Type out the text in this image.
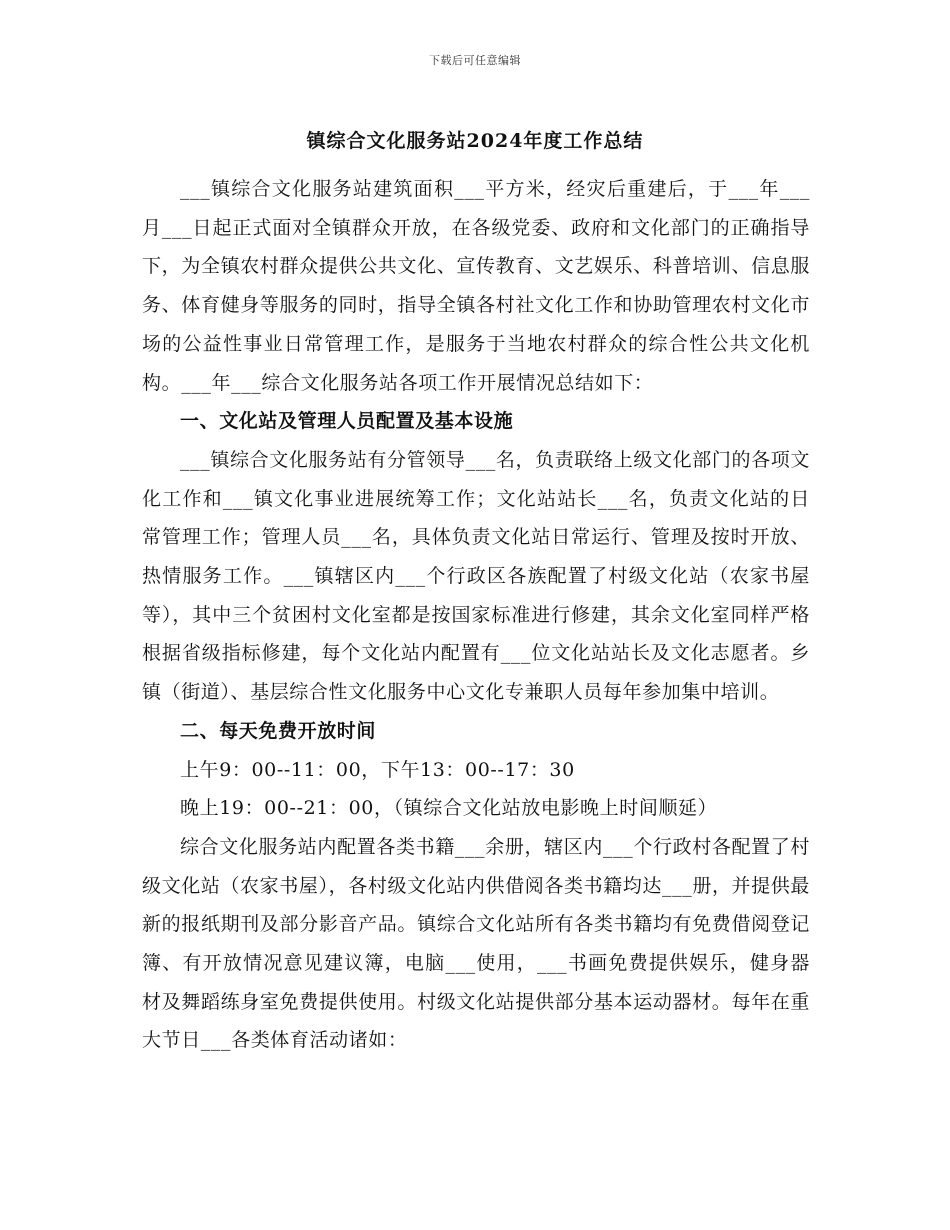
下载后可任意编辑
镇综合文化服务站2024年度工作总结

___镇综合文化服务站建筑面积___平方米，经灾后重建后，于___年___月___日起正式面对全镇群众开放，在各级党委、政府和文化部门的正确指导下，为全镇农村群众提供公共文化、宣传教育、文艺娱乐、科普培训、信息服务、体育健身等服务的同时，指导全镇各村社文化工作和协助管理农村文化市场的公益性事业日常管理工作，是服务于当地农村群众的综合性公共文化机构。___年___综合文化服务站各项工作开展情况总结如下：

一、文化站及管理人员配置及基本设施

___镇综合文化服务站有分管领导___名，负责联络上级文化部门的各项文化工作和___镇文化事业进展统筹工作；文化站站长___名，负责文化站的日常管理工作；管理人员___名，具体负责文化站日常运行、管理及按时开放、热情服务工作。___镇辖区内___个行政区各族配置了村级文化站（农家书屋等），其中三个贫困村文化室都是按国家标准进行修建，其余文化室同样严格根据省级指标修建，每个文化站内配置有___位文化站站长及文化志愿者。乡镇（街道）、基层综合性文化服务中心文化专兼职人员每年参加集中培训。

二、每天免费开放时间

上午9：00--11：00，下午13：00--17：30

晚上19：00--21：00，（镇综合文化站放电影晚上时间顺延）

综合文化服务站内配置各类书籍___余册，辖区内___个行政村各配置了村级文化站（农家书屋），各村级文化站内供借阅各类书籍均达___册，并提供最新的报纸期刊及部分影音产品。镇综合文化站所有各类书籍均有免费借阅登记簿、有开放情况意见建议簿，电脑___使用，___书画免费提供娱乐，健身器材及舞蹈练身室免费提供使用。村级文化站提供部分基本运动器材。每年在重大节日___各类体育活动诸如：
